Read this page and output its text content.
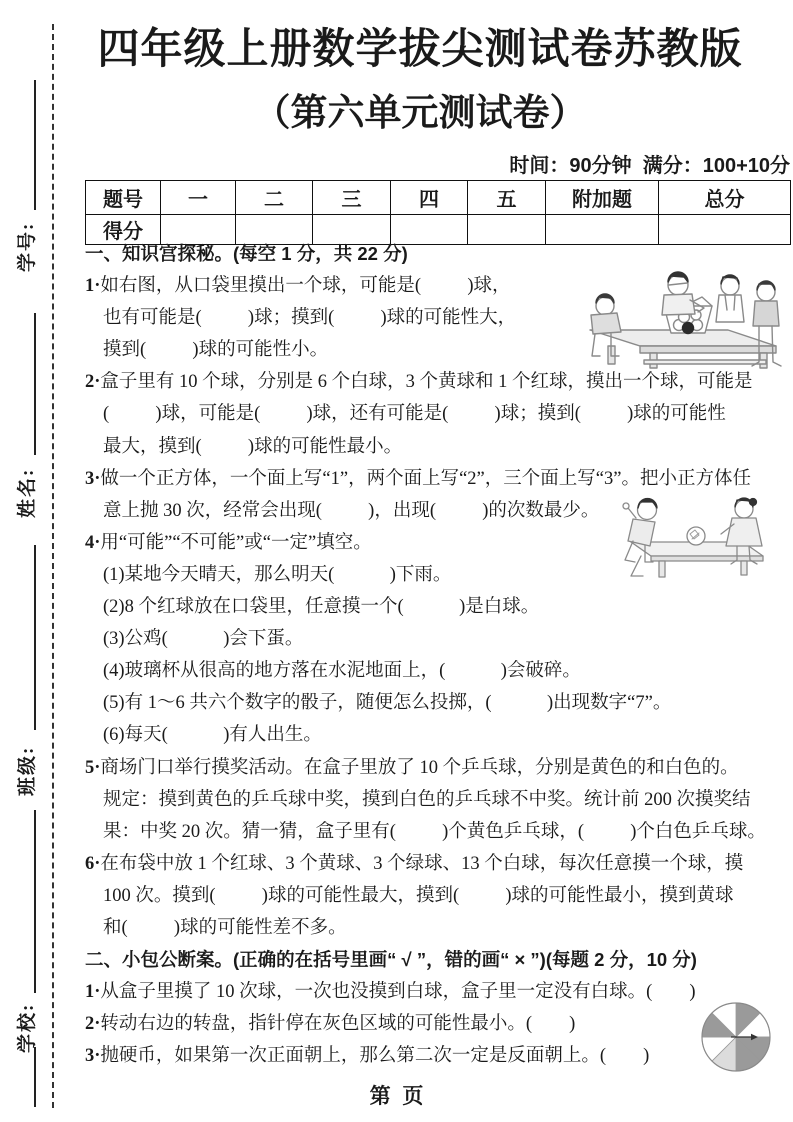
学号:
姓名:
班级:
学校:
四年级上册数学拔尖测试卷苏教版
（第六单元测试卷）
时间：90分钟  满分：100+10分
题号	一	二	三	四	五	附加题	总分
得分							
一、知识宫探秘。(每空 1 分，共 22 分)
1·如右图，从口袋里摸出一个球，可能是(          )球，
也有可能是(          )球；摸到(          )球的可能性大，
摸到(          )球的可能性小。
2·盒子里有 10 个球，分别是 6 个白球，3 个黄球和 1 个红球，摸出一个球，可能是
(          )球，可能是(          )球，还有可能是(          )球；摸到(          )球的可能性
最大，摸到(          )球的可能性最小。
3·做一个正方体，一个面上写“1”，两个面上写“2”，三个面上写“3”。把小正方体任
意上抛 30 次，经常会出现(          )，出现(          )的次数最少。
4·用“可能”“不可能”或“一定”填空。
(1)某地今天晴天，那么明天(            )下雨。
(2)8 个红球放在口袋里，任意摸一个(            )是白球。
(3)公鸡(            )会下蛋。
(4)玻璃杯从很高的地方落在水泥地面上，(            )会破碎。
(5)有 1～6 共六个数字的骰子，随便怎么投掷，(            )出现数字“7”。
(6)每天(            )有人出生。
5·商场门口举行摸奖活动。在盒子里放了 10 个乒乓球，分别是黄色的和白色的。
规定：摸到黄色的乒乓球中奖，摸到白色的乒乓球不中奖。统计前 200 次摸奖结
果：中奖 20 次。猜一猜，盒子里有(          )个黄色乒乓球，(          )个白色乒乓球。
6·在布袋中放 1 个红球、3 个黄球、3 个绿球、13 个白球，每次任意摸一个球，摸
100 次。摸到(          )球的可能性最大，摸到(          )球的可能性最小，摸到黄球
和(          )球的可能性差不多。
二、小包公断案。(正确的在括号里画“ √ ”，错的画“ × ”)(每题 2 分，10 分)
1·从盒子里摸了 10 次球，一次也没摸到白球，盒子里一定没有白球。(        )
2·转动右边的转盘，指针停在灰色区域的可能性最小。(        )
3·抛硬币，如果第一次正面朝上，那么第二次一定是反面朝上。(        )
第  页
